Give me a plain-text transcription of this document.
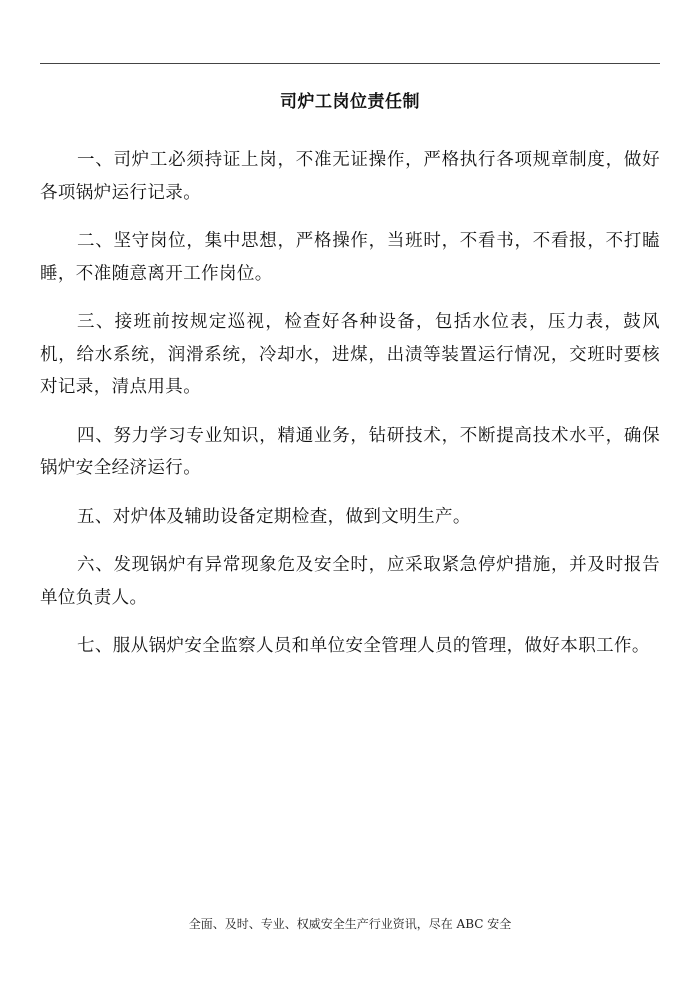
司炉工岗位责任制

一、司炉工必须持证上岗，不准无证操作，严格执行各项规章制度，做好各项锅炉运行记录。

二、坚守岗位，集中思想，严格操作，当班时，不看书，不看报，不打瞌睡，不准随意离开工作岗位。

三、接班前按规定巡视，检查好各种设备，包括水位表，压力表，鼓风机，给水系统，润滑系统，冷却水，进煤，出渍等装置运行情况，交班时要核对记录，清点用具。

四、努力学习专业知识，精通业务，钻研技术，不断提高技术水平，确保锅炉安全经济运行。

五、对炉体及辅助设备定期检查，做到文明生产。

六、发现锅炉有异常现象危及安全时，应采取紧急停炉措施，并及时报告单位负责人。

七、服从锅炉安全监察人员和单位安全管理人员的管理，做好本职工作。

全面、及时、专业、权威安全生产行业资讯，尽在 ABC 安全
